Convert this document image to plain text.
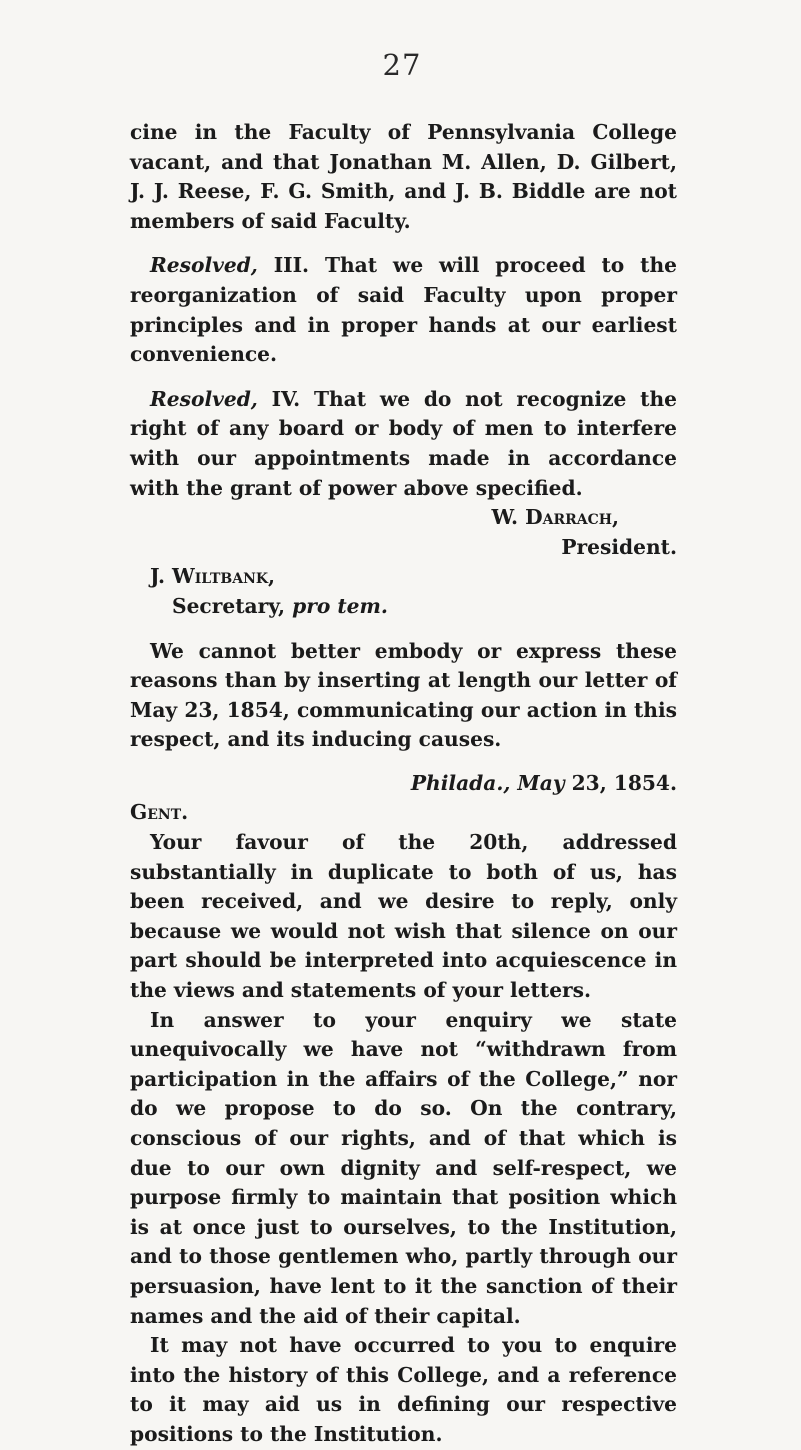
27

cine in the Faculty of Pennsylvania College vacant, and that Jonathan M. Allen, D. Gilbert, J. J. Reese, F. G. Smith, and J. B. Biddle are not members of said Faculty.

Resolved, III. That we will proceed to the reorganization of said Faculty upon proper principles and in proper hands at our earliest convenience.

Resolved, IV. That we do not recognize the right of any board or body of men to interfere with our appointments made in accordance with the grant of power above specified.

W. Darrach,
President.
J. Wiltbank,
Secretary, pro tem.

We cannot better embody or express these reasons than by inserting at length our letter of May 23, 1854, communicating our action in this respect, and its inducing causes.

Philada., May 23, 1854.

Gent.

Your favour of the 20th, addressed substantially in duplicate to both of us, has been received, and we desire to reply, only because we would not wish that silence on our part should be interpreted into acquiescence in the views and statements of your letters.

In answer to your enquiry we state unequivocally we have not “withdrawn from participation in the affairs of the College,” nor do we propose to do so. On the contrary, conscious of our rights, and of that which is due to our own dignity and self-respect, we purpose firmly to maintain that position which is at once just to ourselves, to the Institution, and to those gentlemen who, partly through our persuasion, have lent to it the sanction of their names and the aid of their capital.

It may not have occurred to you to enquire into the history of this College, and a reference to it may aid us in defining our respective positions to the Institution.
